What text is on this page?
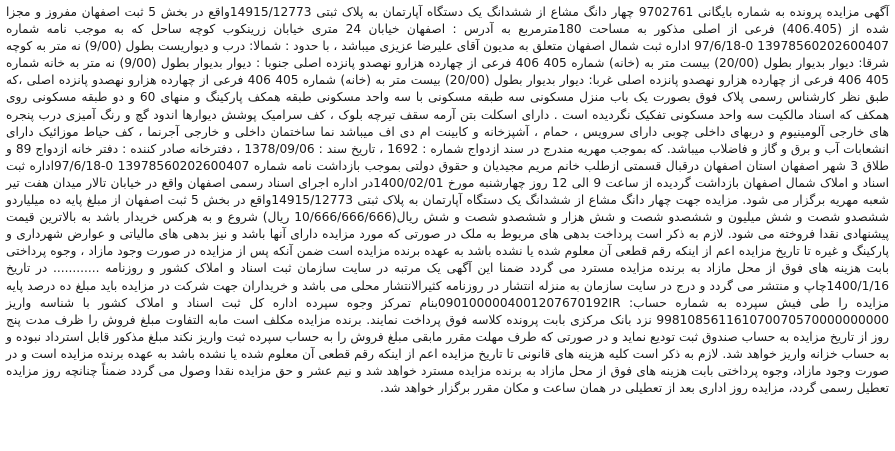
آگهی مزایده پرونده به شماره بایگانی 9702761 چهار دانگ مشاع از ششدانگ یک دستگاه آپارتمان به پلاک ثبتی 14915/12773واقع در بخش 5 ثبت اصفهان مفروز و مجزا شده از (406.405) فرعی از اصلی مذکور به مساحت 180مترمربع به آدرس : اصفهان خیابان 24 متری خیابان زرینکوب کوچه ساحل که به موجب نامه شماره 13978560202600407 0-97/6/18 اداره ثبت شمال اصفهان متعلق به مدیون آقای علیرضا عزیزی میباشد ، با حدود : شمالا: درب و دیواریست بطول (9/00) نه متر به کوچه شرقا: دیوار بدیوار بطول (20/00) بیست متر به (خانه) شماره 405 406 فرعی از چهارده هزارو نهصدو پانزده اصلی جنوبا : دیوار بدیوار بطول (9/00) نه متر به خانه شماره 405 406 فرعی از چهارده هزارو نهصدو پانزده اصلی غربا: دیوار بدیوار بطول (20/00) بیست متر به (خانه) شماره 405 406 فرعی از چهارده هزارو نهصدو پانزده اصلی ،که طبق نظر کارشناس رسمی پلاک فوق بصورت یک باب منزل مسکونی سه طبقه مسکونی با سه واحد مسکونی طبقه همکف پارکینگ و منهای 60 و دو طبقه مسکونی روی همکف که اسناد مالکیت سه واحد مسکونی تفکیک نگردیده است . دارای اسکلت بتن آرمه سقف تیرچه بلوک ، کف سرامیک پوشش دیوارها اندود گچ و رنگ آمیزی درب پنجره های خارجی آلومینیوم و دربهای داخلی چوبی دارای سرویس ، حمام ، آشپزخانه و کابینت ام دی اف میباشد نما ساختمان داخلی و خارجی آجرنما ، کف حیاط موزائیک دارای انشعابات آب و برق و گاز و فاضلاب میباشد. که بموجب مهریه مندرج در سند ازدواج شماره : 1692 ، تاریخ سند : 1378/09/06 ، دفترخانه صادر کننده : دفتر خانه ازدواج 89 و طلاق 3 شهر اصفهان استان اصفهان درقبال قسمتی ازطلب خانم مریم مجیدیان و حقوق دولتی بموجب بازداشت نامه شماره 13978560202600407 0-97/6/18اداره ثبت اسناد و املاک شمال اصفهان بازداشت گردیده از ساعت 9 الی 12 روز چهارشنبه مورخ 1400/02/01در اداره اجرای اسناد رسمی اصفهان واقع در خیابان تالار میدان هفت تیر شعبه مهریه برگزار می شود. مزایده جهت چهار دانگ مشاع از ششدانگ یک دستگاه آپارتمان به پلاک ثبتی 14915/12773واقع در بخش 5 ثبت اصفهان از مبلغ پایه ده میلیاردو ششصدو شصت و شش میلیون و ششصدو شصت و شش هزار و ششصدو شصت و شش ریال(10/666/666/666 ریال) شروع و به هرکس خریدار باشد به بالاترین قیمت پیشنهادی نقدا فروخته می شود. لازم به ذکر است پرداخت بدهی های مربوط به ملک در صورتی که مورد مزایده دارای آنها باشد و نیز بدهی های مالیاتی و عوارض شهرداری و پارکینگ و غیره تا تاریخ مزایده اعم از اینکه رقم قطعی آن معلوم شده یا نشده باشد به عهده برنده مزایده است ضمن آنکه پس از مزایده در صورت وجود مازاد ، وجوه پرداختی بابت هزینه های فوق از محل مازاد به برنده مزایده مسترد می گردد ضمنا این آگهی یک مرتبه در سایت سازمان ثبت اسناد و املاک کشور و روزنامه ............ در تاریخ 1400/1/16چاپ و منتشر می گردد و درج در سایت سازمان به منزله انتشار در روزنامه کثیرالانتشار محلی می باشد و خریداران جهت شرکت در مزایده باید مبلغ ده درصد پایه مزایده را طی فیش سپرده به شماره حساب: 0901000004001207670192IRبنام تمرکز وجوه سپرده اداره کل ثبت اسناد و املاک کشور با شناسه واریز 998108561161070070570000000000 نزد بانک مرکزی بابت پرونده کلاسه فوق پرداخت نمایند. برنده مزایده مکلف است مابه التفاوت مبلغ فروش را ظرف مدت پنج روز از تاریخ مزایده به حساب صندوق ثبت تودیع نماید و در صورتی که طرف مهلت مقرر مابقی مبلغ فروش را به حساب سپرده ثبت واریز نکند مبلغ مذکور قابل استرداد نبوده و به حساب خزانه واریز خواهد شد. لازم به ذکر است کلیه هزینه های قانونی تا تاریخ مزایده اعم از اینکه رقم قطعی آن معلوم شده یا نشده باشد به عهده برنده مزایده است و در صورت وجود مازاد، وجوه پرداختی بابت هزینه های فوق از محل مازاد به برنده مزایده مسترد خواهد شد و نیم عشر و حق مزایده نقدا وصول می گردد ضمناً چنانچه روز مزایده تعطیل رسمی گردد، مزایده روز اداری بعد از تعطیلی در همان ساعت و مکان مقرر برگزار خواهد شد.
